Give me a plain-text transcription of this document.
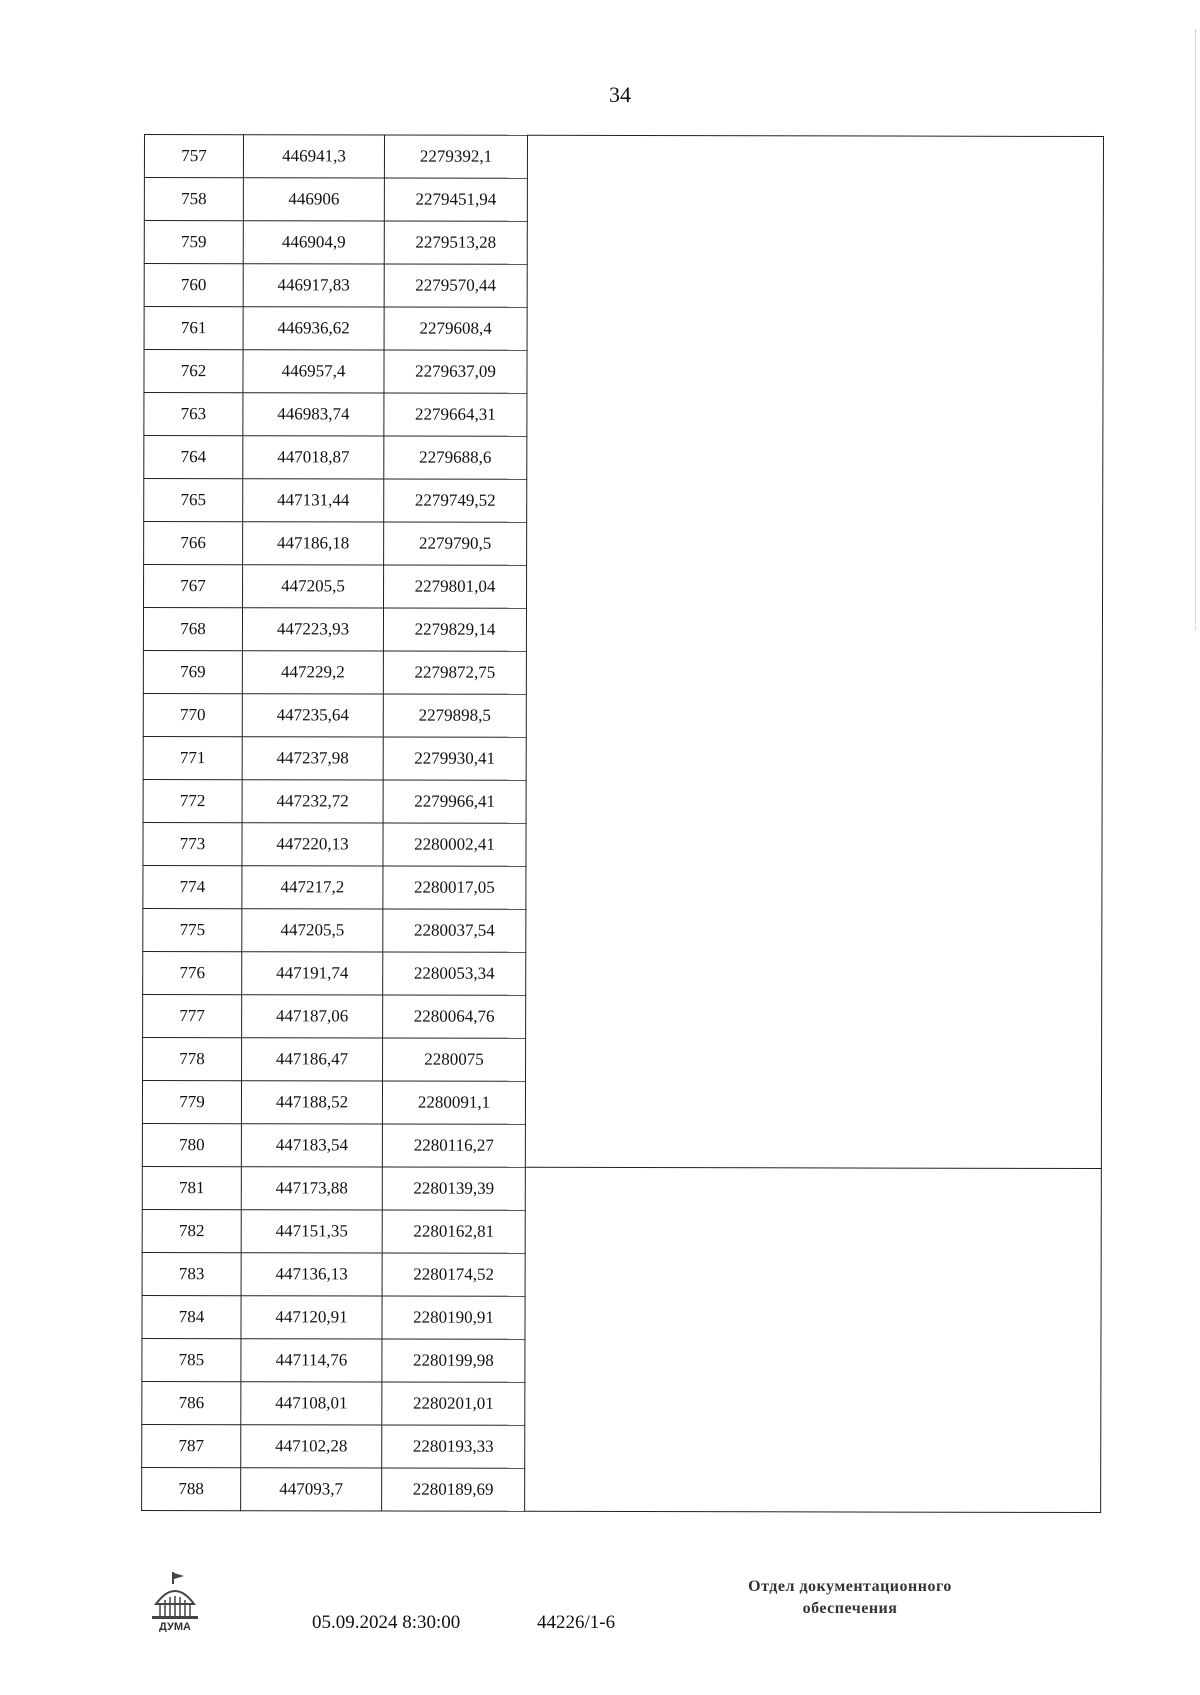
34
757	446941,3	2279392,1	
758	446906	2279451,94	
759	446904,9	2279513,28	
760	446917,83	2279570,44	
761	446936,62	2279608,4	
762	446957,4	2279637,09	
763	446983,74	2279664,31	
764	447018,87	2279688,6	
765	447131,44	2279749,52	
766	447186,18	2279790,5	
767	447205,5	2279801,04	
768	447223,93	2279829,14	
769	447229,2	2279872,75	
770	447235,64	2279898,5	
771	447237,98	2279930,41	
772	447232,72	2279966,41	
773	447220,13	2280002,41	
774	447217,2	2280017,05	
775	447205,5	2280037,54	
776	447191,74	2280053,34	
777	447187,06	2280064,76	
778	447186,47	2280075	
779	447188,52	2280091,1	
780	447183,54	2280116,27	
781	447173,88	2280139,39	
782	447151,35	2280162,81	
783	447136,13	2280174,52	
784	447120,91	2280190,91	
785	447114,76	2280199,98	
786	447108,01	2280201,01	
787	447102,28	2280193,33	
788	447093,7	2280189,69	
ДУМА	05.09.2024 8:30:00	44226/1-6
Отдел документационного
обеспечения
